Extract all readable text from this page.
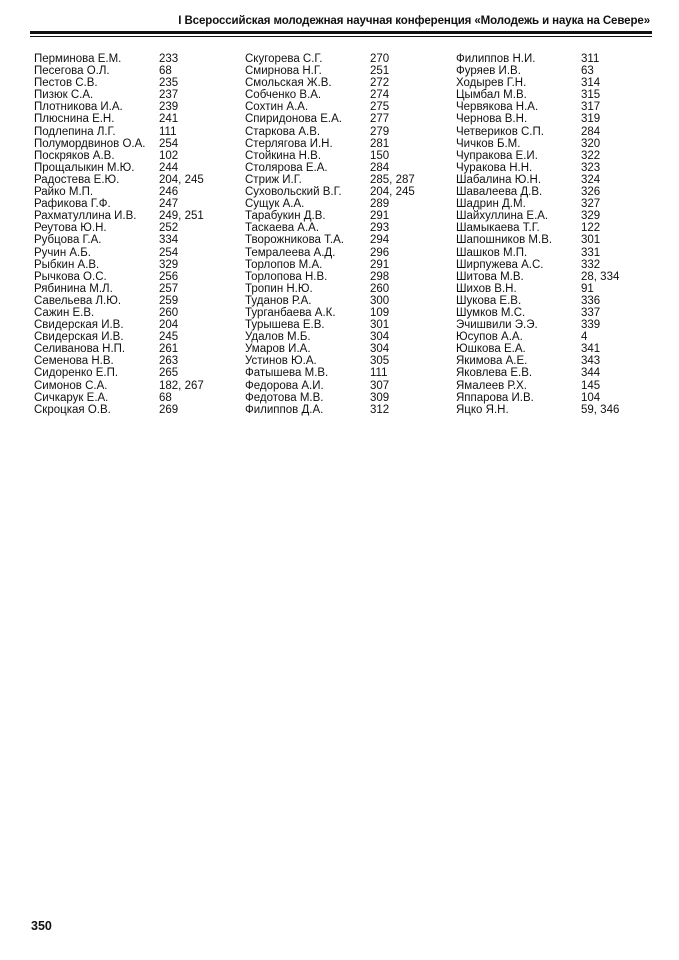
I Всероссийская молодежная научная конференция «Молодежь и наука на Севере»
Перминова Е.М.	233
Песегова О.Л.	68
Пестов С.В.	235
Пизюк С.А.	237
Плотникова И.А.	239
Плюснина Е.Н.	241
Подлепина Л.Г.	111
Полумордвинов О.А. 254
Поскряков А.В.	102
Прощалыкин М.Ю. 244
Радостева Е.Ю.	204, 245
Райко М.П.	246
Рафикова Г.Ф.	247
Рахматуллина И.В. 249, 251
Реутова Ю.Н.	252
Рубцова Г.А.	334
Ручин А.Б.	254
Рыбкин А.В.	329
Рычкова О.С.	256
Рябинина М.Л.	257
Савельева Л.Ю.	259
Сажин Е.В.	260
Свидерская И.В.	204
Свидерская И.В.	245
Селиванова Н.П.	261
Семенова Н.В.	263
Сидоренко Е.П.	265
Симонов С.А.	182, 267
Сичкарук Е.А.	68
Скроцкая О.В.	269
Скугорева С.Г.	270
Смирнова Н.Г.	251
Смольская Ж.В.	272
Собченко В.А.	274
Сохтин А.А.	275
Спиридонова Е.А. 277
Старкова А.В.	279
Стерлягова И.Н.	281
Стойкина Н.В.	150
Столярова Е.А.	284
Стриж И.Г.	285, 287
Суховольский В.Г. 204, 245
Сущук А.А.	289
Тарабукин Д.В.	291
Таскаева А.А.	293
Творожникова Т.А. 294
Темралеева А.Д.	296
Торлопов М.А.	291
Торлопова Н.В.	298
Тропин Н.Ю.	260
Туданов Р.А.	300
Турганбаева А.К.	109
Турышева Е.В.	301
Удалов М.Б.	304
Умаров И.А.	304
Устинов Ю.А.	305
Фатышева М.В.	111
Федорова А.И.	307
Федотова М.В.	309
Филиппов Д.А.	312
Филиппов Н.И.	311
Фуряев И.В.	63
Ходырев Г.Н.	314
Цымбал М.В.	315
Червякова Н.А.	317
Чернова В.Н.	319
Четвериков С.П.	284
Чичков Б.М.	320
Чупракова Е.И.	322
Чуракова Н.Н.	323
Шабалина Ю.Н.	324
Шавалеева Д.В.	326
Шадрин Д.М.	327
Шайхуллина Е.А.	329
Шамыкаева Т.Г.	122
Шапошников М.В.	301
Шашков М.П.	331
Ширпужева А.С.	332
Шитова М.В.	28, 334
Шихов В.Н.	91
Шукова Е.В.	336
Шумков М.С.	337
Эчишвили Э.Э.	339
Юсупов А.А.	4
Юшкова Е.А.	341
Якимова А.Е.	343
Яковлева Е.В.	344
Ямалеев Р.Х.	145
Яппарова И.В.	104
Яцко Я.Н.	59, 346
350
